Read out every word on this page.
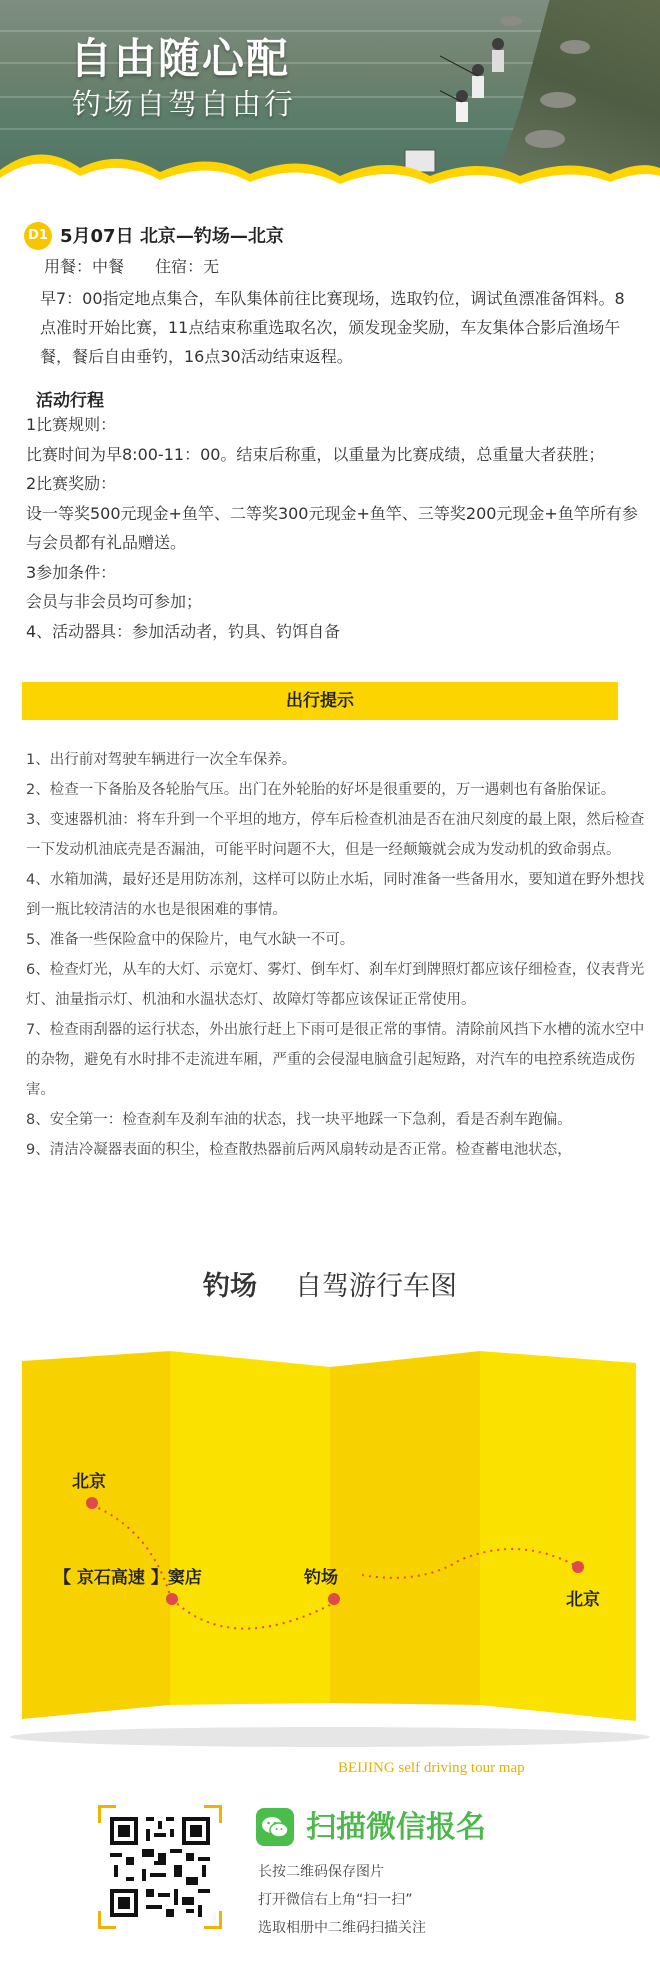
自由随心配
钓场自驾自由行
D1 5月07日 北京—钓场—北京
用餐：中餐 住宿：无
早7：00指定地点集合，车队集体前往比赛现场，选取钓位，调试鱼漂准备饵料。8点准时开始比赛，11点结束称重选取名次，颁发现金奖励，车友集体合影后渔场午餐，餐后自由垂钓，16点30活动结束返程。
活动行程
1比赛规则：
比赛时间为早8:00-11：00。结束后称重，以重量为比赛成绩，总重量大者获胜；
2比赛奖励：
设一等奖500元现金+鱼竿、二等奖300元现金+鱼竿、三等奖200元现金+鱼竿所有参与会员都有礼品赠送。
3参加条件：
会员与非会员均可参加；
4、活动器具：参加活动者，钓具、钓饵自备
出行提示
1、出行前对驾驶车辆进行一次全车保养。
2、检查一下备胎及各轮胎气压。出门在外轮胎的好坏是很重要的，万一遇刺也有备胎保证。
3、变速器机油：将车升到一个平坦的地方，停车后检查机油是否在油尺刻度的最上限，然后检查一下发动机油底壳是否漏油，可能平时问题不大，但是一经颠簸就会成为发动机的致命弱点。
4、水箱加满，最好还是用防冻剂，这样可以防止水垢，同时准备一些备用水，要知道在野外想找到一瓶比较清洁的水也是很困难的事情。
5、准备一些保险盒中的保险片，电气水缺一不可。
6、检查灯光，从车的大灯、示宽灯、雾灯、倒车灯、刹车灯到牌照灯都应该仔细检查，仪表背光灯、油量指示灯、机油和水温状态灯、故障灯等都应该保证正常使用。
7、检查雨刮器的运行状态，外出旅行赶上下雨可是很正常的事情。清除前风挡下水槽的流水空中的杂物，避免有水时排不走流进车厢，严重的会侵湿电脑盒引起短路，对汽车的电控系统造成伤害。
8、安全第一：检查刹车及刹车油的状态，找一块平地踩一下急刹，看是否刹车跑偏。
9、清洁冷凝器表面的积尘，检查散热器前后两风扇转动是否正常。检查蓄电池状态，
钓场 自驾游行车图
北京
【 京石高速 】窦店	钓场
北京
BEIJING self driving tour map
扫描微信报名
长按二维码保存图片
打开微信右上角“扫一扫”
选取相册中二维码扫描关注
